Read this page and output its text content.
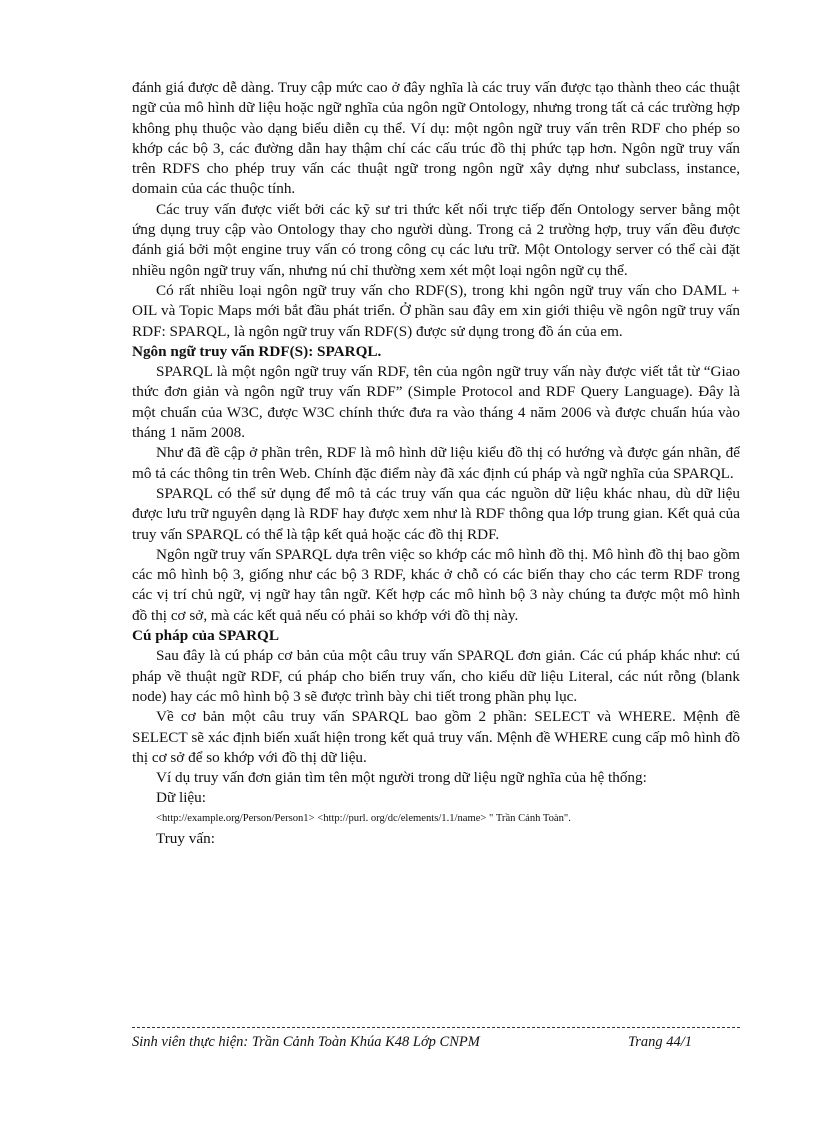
đánh giá được dễ dàng. Truy cập mức cao ở đây nghĩa là các truy vấn được tạo thành theo các thuật ngữ của mô hình dữ liệu hoặc ngữ nghĩa của ngôn ngữ Ontology, nhưng trong tất cả các trường hợp không phụ thuộc vào dạng biểu diễn cụ thể. Ví dụ: một ngôn ngữ truy vấn trên RDF cho phép so khớp các bộ 3, các đường dẫn hay thậm chí các cấu trúc đồ thị phức tạp hơn. Ngôn ngữ truy vấn trên RDFS cho phép truy vấn các thuật ngữ trong ngôn ngữ xây dựng như subclass, instance, domain của các thuộc tính.

Các truy vấn được viết bởi các kỹ sư tri thức kết nối trực tiếp đến Ontology server bằng một ứng dụng truy cập vào Ontology thay cho người dùng. Trong cả 2 trường hợp, truy vấn đều được đánh giá bởi một engine truy vấn có trong công cụ các lưu trữ. Một Ontology server có thể cài đặt nhiều ngôn ngữ truy vấn, nhưng nú chỉ thường xem xét một loại ngôn ngữ cụ thể.

Có rất nhiều loại ngôn ngữ truy vấn cho RDF(S), trong khi ngôn ngữ truy vấn cho DAML + OIL và Topic Maps mới bắt đầu phát triển. Ở phần sau đây em xin giới thiệu về ngôn ngữ truy vấn RDF: SPARQL, là ngôn ngữ truy vấn RDF(S) được sử dụng trong đồ án của em.

Ngôn ngữ truy vấn RDF(S): SPARQL.

SPARQL là một ngôn ngữ truy vấn RDF, tên của ngôn ngữ truy vấn này được viết tắt từ “Giao thức đơn giản và ngôn ngữ truy vấn RDF” (Simple Protocol and RDF Query Language). Đây là một chuẩn của W3C, được W3C chính thức đưa ra vào tháng 4 năm 2006 và được chuẩn húa vào tháng 1 năm 2008.

Như đã đề cập ở phần trên, RDF là mô hình dữ liệu kiểu đồ thị có hướng và được gán nhãn, để mô tả các thông tin trên Web. Chính đặc điểm này đã xác định cú pháp và ngữ nghĩa của SPARQL.

SPARQL có thể sử dụng để mô tả các truy vấn qua các nguồn dữ liệu khác nhau, dù dữ liệu được lưu trữ nguyên dạng là RDF hay được xem như là RDF thông qua lớp trung gian. Kết quả của truy vấn SPARQL có thể là tập kết quả hoặc các đồ thị RDF.

Ngôn ngữ truy vấn SPARQL dựa trên việc so khớp các mô hình đồ thị. Mô hình đồ thị bao gồm các mô hình bộ 3, giống như các bộ 3 RDF, khác ở chỗ có các biến thay cho các term RDF trong các vị trí chủ ngữ, vị ngữ hay tân ngữ. Kết hợp các mô hình bộ 3 này chúng ta được một mô hình đồ thị cơ sở, mà các kết quả nếu có phải so khớp với đồ thị này.

Cú pháp của SPARQL

Sau đây là cú pháp cơ bản của một câu truy vấn SPARQL đơn giản. Các cú pháp khác như: cú pháp về thuật ngữ RDF, cú pháp cho biến truy vấn, cho kiểu dữ liệu Literal, các nút rỗng (blank node) hay các mô hình bộ 3 sẽ được trình bày chi tiết trong phần phụ lục.

Về cơ bản một câu truy vấn SPARQL bao gồm 2 phần: SELECT và WHERE. Mệnh đề SELECT sẽ xác định biến xuất hiện trong kết quả truy vấn. Mệnh đề WHERE cung cấp mô hình đồ thị cơ sở để so khớp với đồ thị dữ liệu.

Ví dụ truy vấn đơn giản tìm tên một người trong dữ liệu ngữ nghĩa của hệ thống:

Dữ liệu:

<http://example.org/Person/Person1> <http://purl. org/dc/elements/1.1/name> " Trần Cảnh Toàn".

Truy vấn:

Sinh viên thực hiện: Trần Cảnh Toàn Khúa K48 Lớp CNPM	Trang 44/1
